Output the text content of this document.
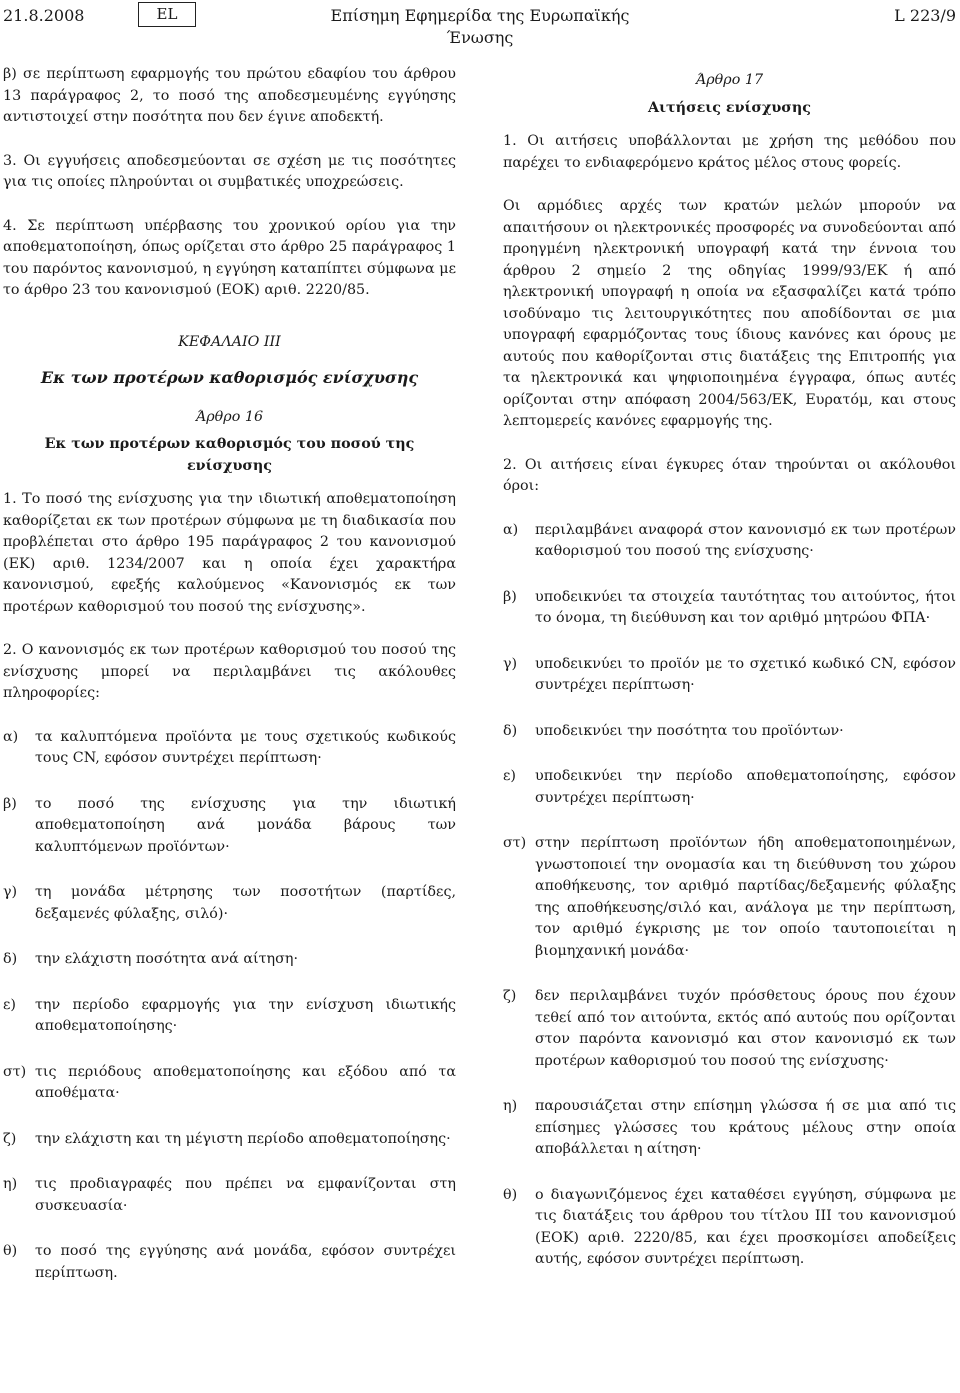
21.8.2008	EL	Επίσημη Εφημερίδα της Ευρωπαϊκής Ένωσης
L 223/9

β) σε περίπτωση εφαρμογής του πρώτου εδαφίου του άρθρου 13 παράγραφος 2, το ποσό της αποδεσμευμένης εγγύησης αντιστοιχεί στην ποσότητα που δεν έγινε αποδεκτή.

3. Οι εγγυήσεις αποδεσμεύονται σε σχέση με τις ποσότητες για τις οποίες πληρούνται οι συμβατικές υποχρεώσεις.

4. Σε περίπτωση υπέρβασης του χρονικού ορίου για την αποθεματοποίηση, όπως ορίζεται στο άρθρο 25 παράγραφος 1 του παρόντος κανονισμού, η εγγύηση καταπίπτει σύμφωνα με το άρθρο 23 του κανονισμού (ΕΟΚ) αριθ. 2220/85.

ΚΕΦΑΛΑΙΟ III
Εκ των προτέρων καθορισμός ενίσχυσης
Άρθρο 16
Εκ των προτέρων καθορισμός του ποσού της ενίσχυσης

1. Το ποσό της ενίσχυσης για την ιδιωτική αποθεματοποίηση καθορίζεται εκ των προτέρων σύμφωνα με τη διαδικασία που προβλέπεται στο άρθρο 195 παράγραφος 2 του κανονισμού (ΕΚ) αριθ. 1234/2007 και η οποία έχει χαρακτήρα κανονισμού, εφεξής καλούμενος «Κανονισμός εκ των προτέρων καθορισμού του ποσού της ενίσχυσης».

2. Ο κανονισμός εκ των προτέρων καθορισμού του ποσού της ενίσχυσης μπορεί να περιλαμβάνει τις ακόλουθες πληροφορίες:

α)	τα καλυπτόμενα προϊόντα με τους σχετικούς κωδικούς τους CN, εφόσον συντρέχει περίπτωση·
β)	το ποσό της ενίσχυσης για την ιδιωτική αποθεματοποίηση ανά μονάδα βάρους των καλυπτόμενων προϊόντων·
γ)	τη μονάδα μέτρησης των ποσοτήτων (παρτίδες, δεξαμενές φύλαξης, σιλό)·
δ)	την ελάχιστη ποσότητα ανά αίτηση·
ε)	την περίοδο εφαρμογής για την ενίσχυση ιδιωτικής αποθεματοποίησης·
στ) τις περιόδους αποθεματοποίησης και εξόδου από τα αποθέματα·
ζ)	την ελάχιστη και τη μέγιστη περίοδο αποθεματοποίησης·
η)	τις προδιαγραφές που πρέπει να εμφανίζονται στη συσκευασία·
θ)	το ποσό της εγγύησης ανά μονάδα, εφόσον συντρέχει περίπτωση.
Άρθρο 17
Αιτήσεις ενίσχυσης

1. Οι αιτήσεις υποβάλλονται με χρήση της μεθόδου που παρέχει το ενδιαφερόμενο κράτος μέλος στους φορείς.

Οι αρμόδιες αρχές των κρατών μελών μπορούν να απαιτήσουν οι ηλεκτρονικές προσφορές να συνοδεύονται από προηγμένη ηλεκτρονική υπογραφή κατά την έννοια του άρθρου 2 σημείο 2 της οδηγίας 1999/93/ΕΚ ή από ηλεκτρονική υπογραφή η οποία να εξασφαλίζει κατά τρόπο ισοδύναμο τις λειτουργικότητες που αποδίδονται σε μια υπογραφή εφαρμόζοντας τους ίδιους κανόνες και όρους με αυτούς που καθορίζονται στις διατάξεις της Επιτροπής για τα ηλεκτρονικά και ψηφιοποιημένα έγγραφα, όπως αυτές ορίζονται στην απόφαση 2004/563/ΕΚ, Ευρατόμ, και στους λεπτομερείς κανόνες εφαρμογής της.

2. Οι αιτήσεις είναι έγκυρες όταν τηρούνται οι ακόλουθοι όροι:

α)	περιλαμβάνει αναφορά στον κανονισμό εκ των προτέρων καθορισμού του ποσού της ενίσχυσης·
β)	υποδεικνύει τα στοιχεία ταυτότητας του αιτούντος, ήτοι το όνομα, τη διεύθυνση και τον αριθμό μητρώου ΦΠΑ·
γ)	υποδεικνύει το προϊόν με το σχετικό κωδικό CN, εφόσον συντρέχει περίπτωση·
δ)	υποδεικνύει την ποσότητα του προϊόντων·
ε)	υποδεικνύει την περίοδο αποθεματοποίησης, εφόσον συντρέχει περίπτωση·
στ) στην περίπτωση προϊόντων ήδη αποθεματοποιημένων, γνωστοποιεί την ονομασία και τη διεύθυνση του χώρου αποθήκευσης, τον αριθμό παρτίδας/δεξαμενής φύλαξης της αποθήκευσης/σιλό και, ανάλογα με την περίπτωση, τον αριθμό έγκρισης με τον οποίο ταυτοποιείται η βιομηχανική μονάδα·
ζ)	δεν περιλαμβάνει τυχόν πρόσθετους όρους που έχουν τεθεί από τον αιτούντα, εκτός από αυτούς που ορίζονται στον παρόντα κανονισμό και στον κανονισμό εκ των προτέρων καθορισμού του ποσού της ενίσχυσης·
η)	παρουσιάζεται στην επίσημη γλώσσα ή σε μια από τις επίσημες γλώσσες του κράτους μέλους στην οποία αποβάλλεται η αίτηση·
θ)	ο διαγωνιζόμενος έχει καταθέσει εγγύηση, σύμφωνα με τις διατάξεις του άρθρου του τίτλου III του κανονισμού (ΕΟΚ) αριθ. 2220/85, και έχει προσκομίσει αποδείξεις αυτής, εφόσον συντρέχει περίπτωση.
